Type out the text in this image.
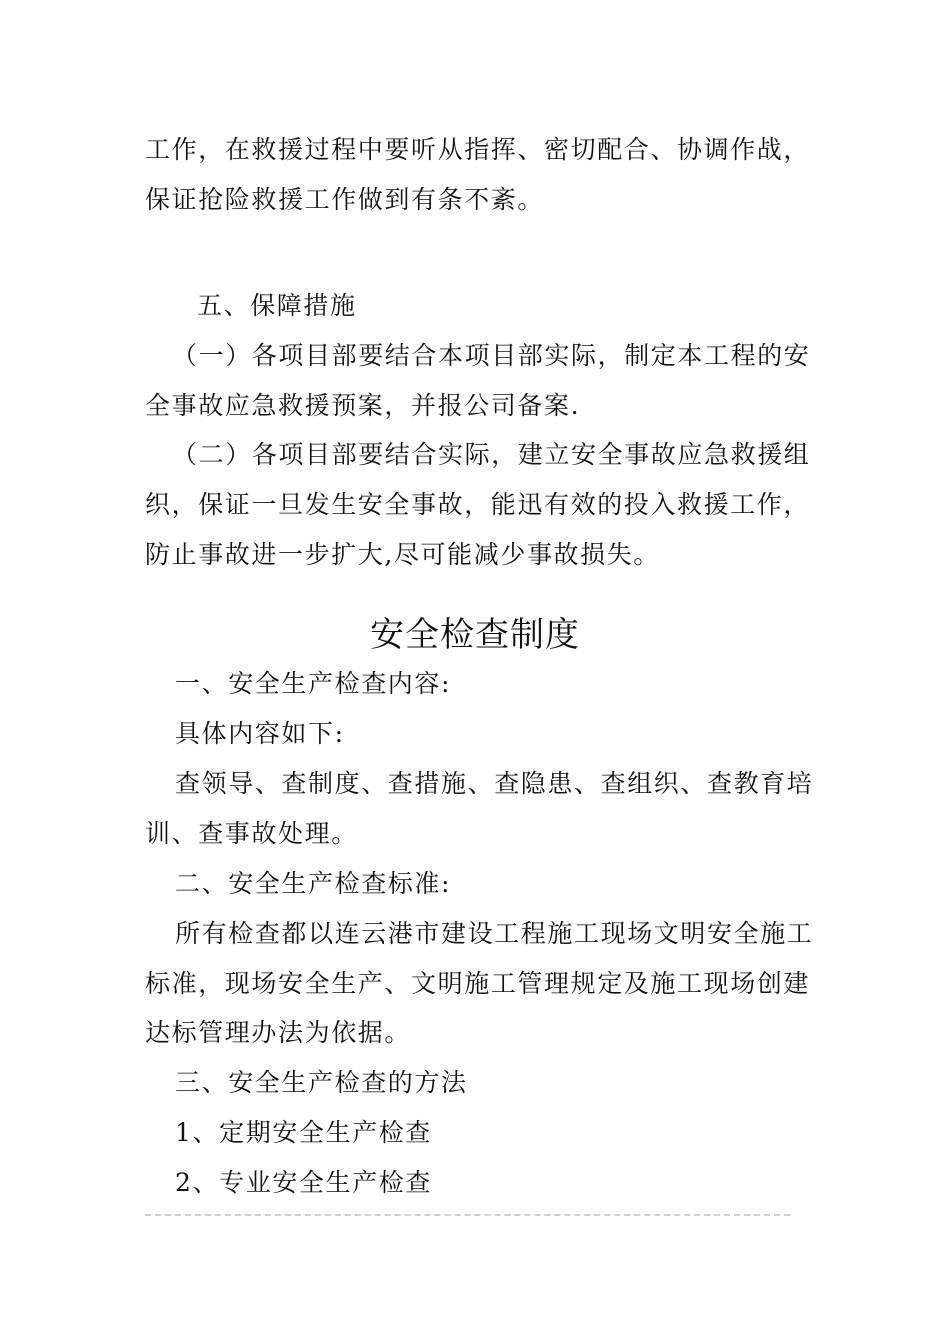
工作，在救援过程中要听从指挥、密切配合、协调作战，
保证抢险救援工作做到有条不紊。
五、保障措施
（一）各项目部要结合本项目部实际，制定本工程的安
全事故应急救援预案，并报公司备案.
（二）各项目部要结合实际，建立安全事故应急救援组
织，保证一旦发生安全事故，能迅有效的投入救援工作，
防止事故进一步扩大,尽可能减少事故损失。
安全检查制度
一、安全生产检查内容:
具体内容如下:
查领导、查制度、查措施、查隐患、查组织、查教育培
训、查事故处理。
二、安全生产检查标准:
所有检查都以连云港市建设工程施工现场文明安全施工
标准，现场安全生产、文明施工管理规定及施工现场创建
达标管理办法为依据。
三、安全生产检查的方法
1、定期安全生产检查
2、专业安全生产检查
